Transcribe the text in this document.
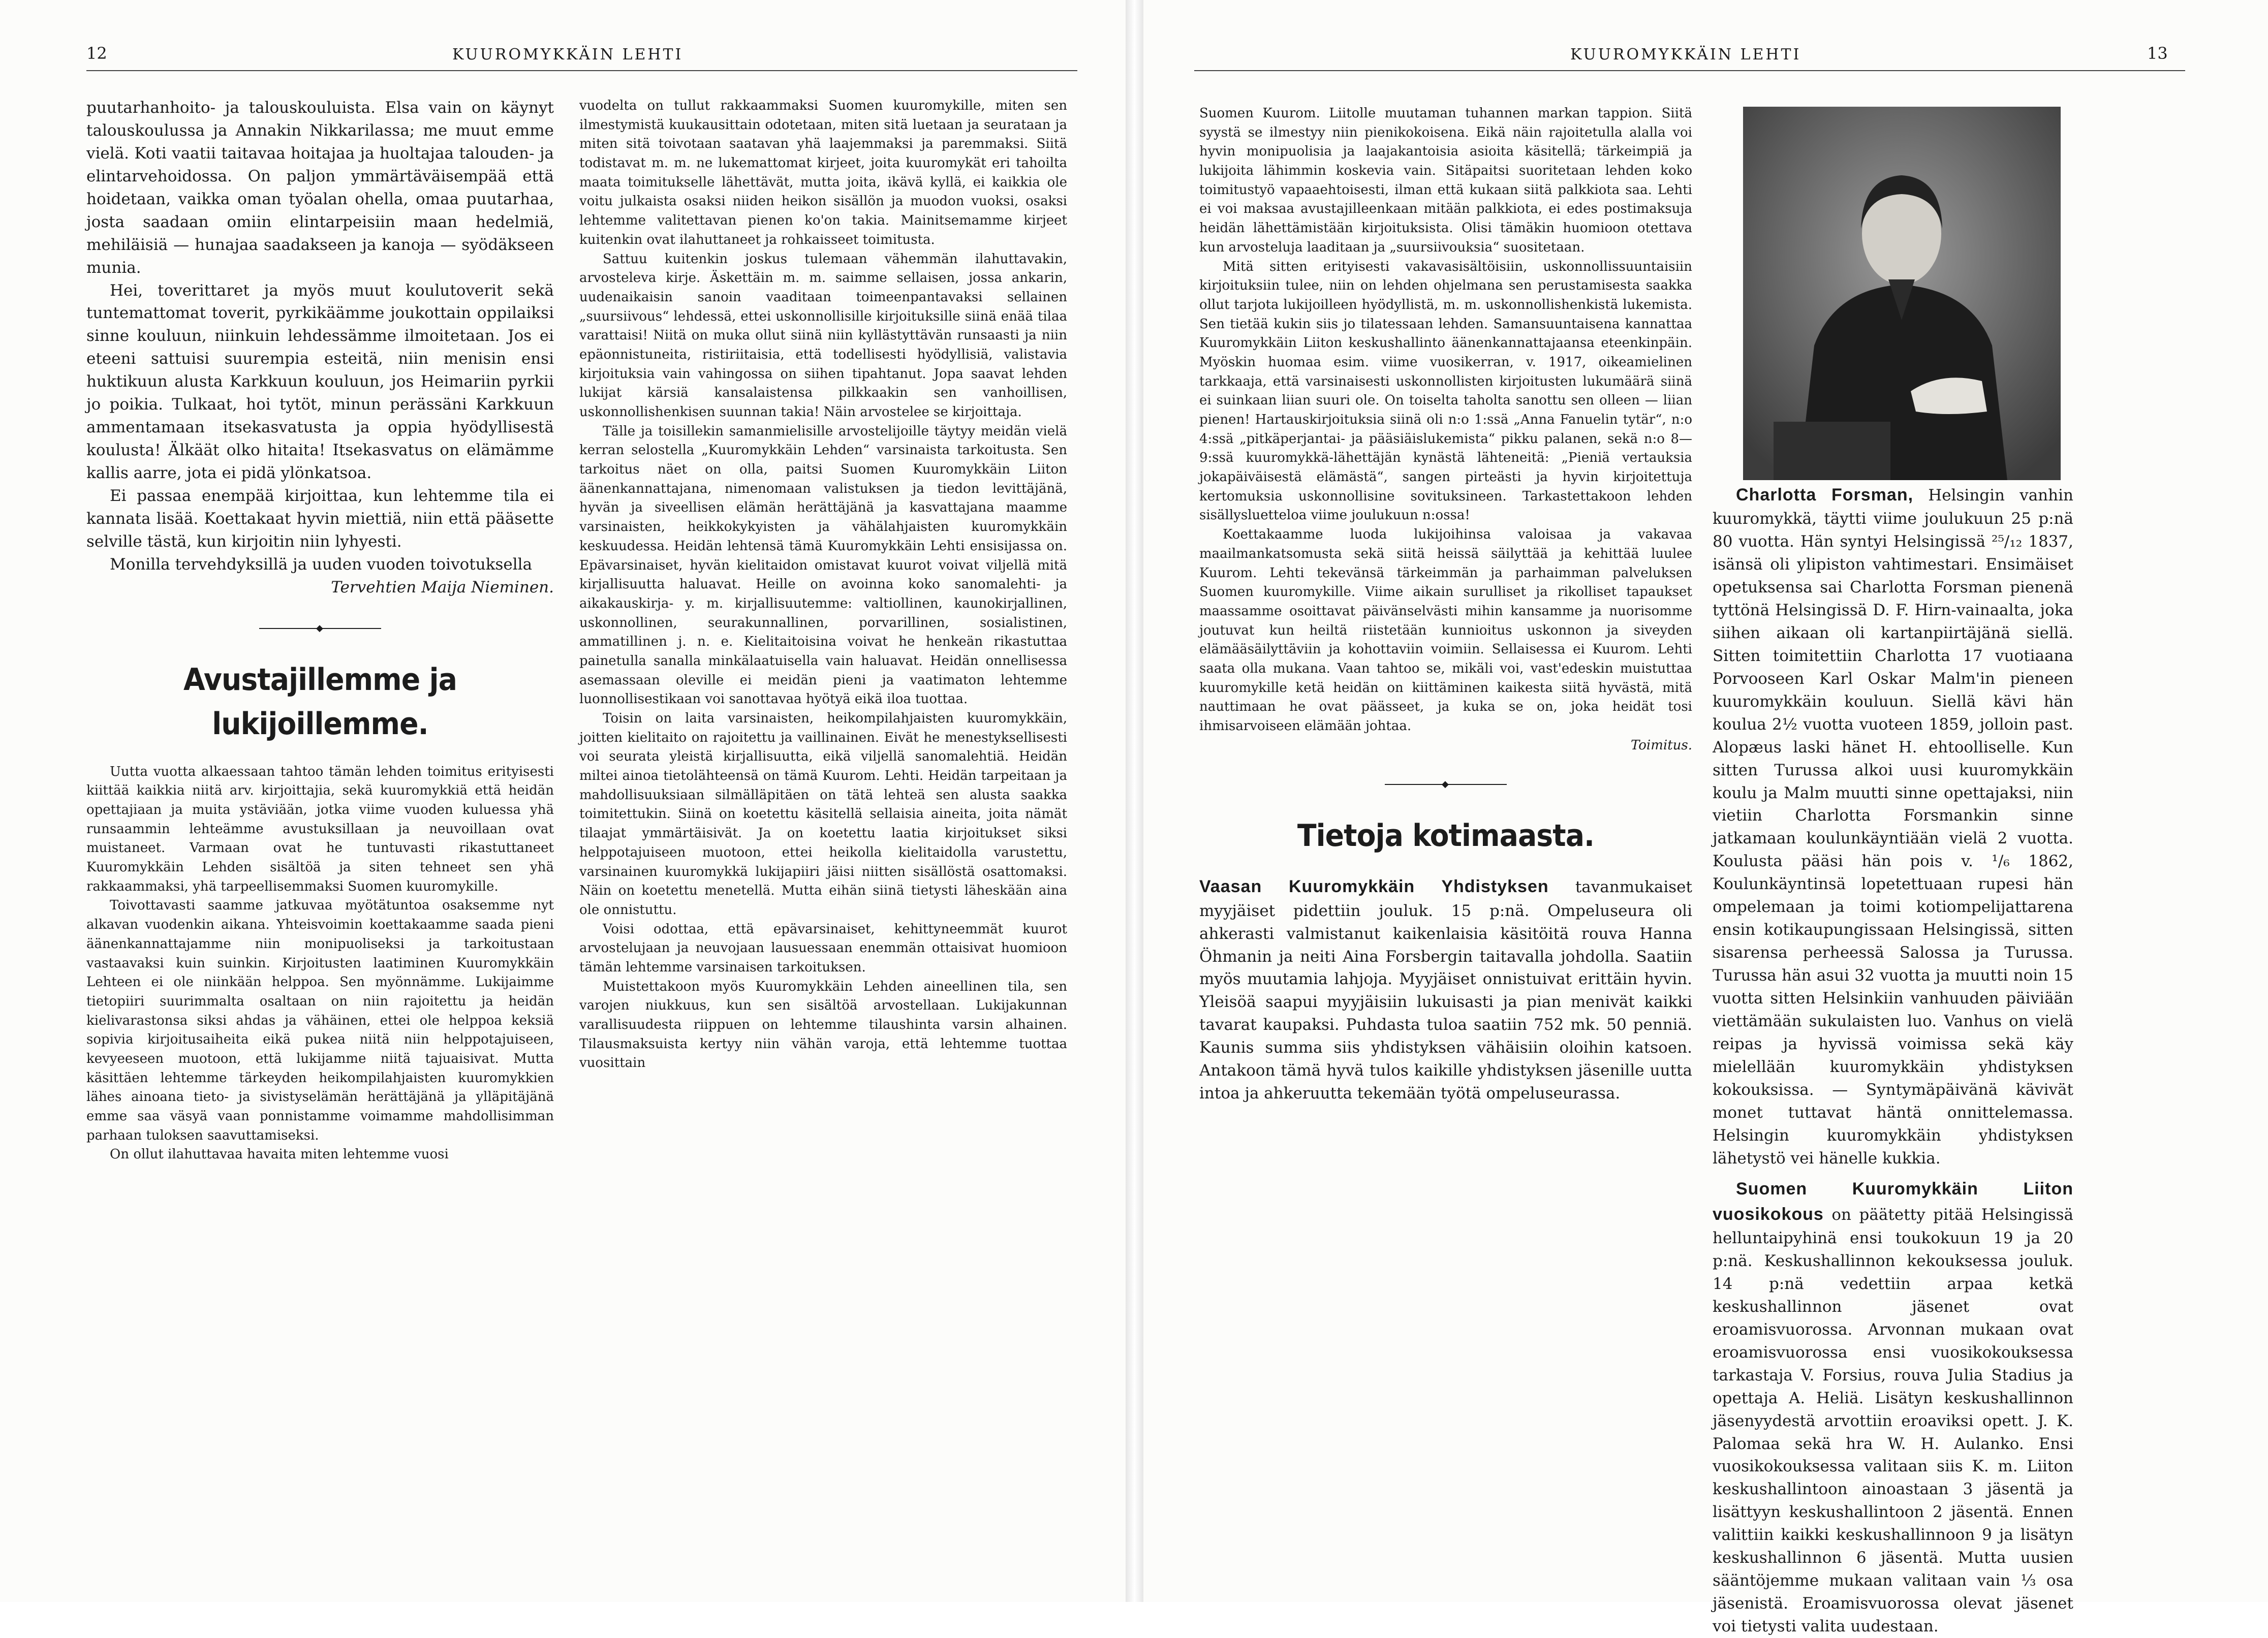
12	KUUROMYKKÄIN LEHTI

puutarhanhoito- ja talouskouluista. Elsa vain on käynyt talouskoulussa ja Annakin Nikkarilassa; me muut emme vielä. Koti vaatii taitavaa hoitajaa ja huoltajaa talouden- ja elintarvehoidossa. On paljon ymmärtäväisempää että hoidetaan, vaikka oman työalan ohella, omaa puutarhaa, josta saadaan omiin elintarpeisiin maan hedelmiä, mehiläisiä — hunajaa saadakseen ja kanoja — syödäkseen munia.

Hei, toverittaret ja myös muut koulutoverit sekä tuntemattomat toverit, pyrkikäämme joukottain oppilaiksi sinne kouluun, niinkuin lehdessämme ilmoitetaan. Jos ei eteeni sattuisi suurempia esteitä, niin menisin ensi huktikuun alusta Karkkuun kouluun, jos Heimariin pyrkii jo poikia. Tulkaat, hoi tytöt, minun perässäni Karkkuun ammentamaan itsekasvatusta ja oppia hyödyllisestä koulusta! Älkäät olko hitaita! Itsekasvatus on elämämme kallis aarre, jota ei pidä ylönkatsoa.

Ei passaa enempää kirjoittaa, kun lehtemme tila ei kannata lisää. Koettakaat hyvin miettiä, niin että pääsette selville tästä, kun kirjoitin niin lyhyesti.

Monilla tervehdyksillä ja uuden vuoden toivotuksella

Tervehtien Maija Nieminen.

◆
Avustajillemme ja lukijoillemme.

Uutta vuotta alkaessaan tahtoo tämän lehden toimitus erityisesti kiittää kaikkia niitä arv. kirjoittajia, sekä kuuromykkiä että heidän opettajiaan ja muita ystäviään, jotka viime vuoden kuluessa yhä runsaammin lehteämme avustuksillaan ja neuvoillaan ovat muistaneet. Varmaan ovat he tuntuvasti rikastuttaneet Kuuromykkäin Lehden sisältöä ja siten tehneet sen yhä rakkaammaksi, yhä tarpeellisemmaksi Suomen kuuromykille.

Toivottavasti saamme jatkuvaa myötätuntoa osaksemme nyt alkavan vuodenkin aikana. Yhteisvoimin koettakaamme saada pieni äänenkannattajamme niin monipuoliseksi ja tarkoitustaan vastaavaksi kuin suinkin. Kirjoitusten laatiminen Kuuromykkäin Lehteen ei ole niinkään helppoa. Sen myönnämme. Lukijaimme tietopiiri suurimmalta osaltaan on niin rajoitettu ja heidän kielivarastonsa siksi ahdas ja vähäinen, ettei ole helppoa keksiä sopivia kirjoitusaiheita eikä pukea niitä niin helppotajuiseen, kevyeeseen muotoon, että lukijamme niitä tajuaisivat. Mutta käsittäen lehtemme tärkeyden heikompilahjaisten kuuromykkien lähes ainoana tieto- ja sivistyselämän herättäjänä ja ylläpitäjänä emme saa väsyä vaan ponnistamme voimamme mahdollisimman parhaan tuloksen saavuttamiseksi.

On ollut ilahuttavaa havaita miten lehtemme vuosi

vuodelta on tullut rakkaammaksi Suomen kuuromykille, miten sen ilmestymistä kuukausittain odotetaan, miten sitä luetaan ja seurataan ja miten sitä toivotaan saatavan yhä laajemmaksi ja paremmaksi. Siitä todistavat m. m. ne lukemattomat kirjeet, joita kuuromykät eri tahoilta maata toimitukselle lähettävät, mutta joita, ikävä kyllä, ei kaikkia ole voitu julkaista osaksi niiden heikon sisällön ja muodon vuoksi, osaksi lehtemme valitettavan pienen ko'on takia. Mainitsemamme kirjeet kuitenkin ovat ilahuttaneet ja rohkaisseet toimitusta.

Sattuu kuitenkin joskus tulemaan vähemmän ilahuttavakin, arvosteleva kirje. Äskettäin m. m. saimme sellaisen, jossa ankarin, uudenaikaisin sanoin vaaditaan toimeenpantavaksi sellainen „suursiivous“ lehdessä, ettei uskonnollisille kirjoituksille siinä enää tilaa varattaisi! Niitä on muka ollut siinä niin kyllästyttävän runsaasti ja niin epäonnistuneita, ristiriitaisia, että todellisesti hyödyllisiä, valistavia kirjoituksia vain vahingossa on siihen tipahtanut. Jopa saavat lehden lukijat kärsiä kansalaistensa pilkkaakin sen vanhoillisen, uskonnollishenkisen suunnan takia! Näin arvostelee se kirjoittaja.

Tälle ja toisillekin samanmielisille arvostelijoille täytyy meidän vielä kerran selostella „Kuuromykkäin Lehden“ varsinaista tarkoitusta. Sen tarkoitus näet on olla, paitsi Suomen Kuuromykkäin Liiton äänenkannattajana, nimenomaan valistuksen ja tiedon levittäjänä, hyvän ja siveellisen elämän herättäjänä ja kasvattajana maamme varsinaisten, heikkokykyisten ja vähälahjaisten kuuromykkäin keskuudessa. Heidän lehtensä tämä Kuuromykkäin Lehti ensisijassa on. Epävarsinaiset, hyvän kielitaidon omistavat kuurot voivat viljellä mitä kirjallisuutta haluavat. Heille on avoinna koko sanomalehti- ja aikakauskirja- y. m. kirjallisuutemme: valtiollinen, kaunokirjallinen, uskonnollinen, seurakunnallinen, porvarillinen, sosialistinen, ammatillinen j. n. e. Kielitaitoisina voivat he henkeän rikastuttaa painetulla sanalla minkälaatuisella vain haluavat. Heidän onnellisessa asemassaan oleville ei meidän pieni ja vaatimaton lehtemme luonnollisestikaan voi sanottavaa hyötyä eikä iloa tuottaa.

Toisin on laita varsinaisten, heikompilahjaisten kuuromykkäin, joitten kielitaito on rajoitettu ja vaillinainen. Eivät he menestyksellisesti voi seurata yleistä kirjallisuutta, eikä viljellä sanomalehtiä. Heidän miltei ainoa tietolähteensä on tämä Kuurom. Lehti. Heidän tarpeitaan ja mahdollisuuksiaan silmälläpitäen on tätä lehteä sen alusta saakka toimitettukin. Siinä on koetettu käsitellä sellaisia aineita, joita nämät tilaajat ymmärtäisivät. Ja on koetettu laatia kirjoitukset siksi helppotajuiseen muotoon, ettei heikolla kielitaidolla varustettu, varsinainen kuuromykkä lukijapiiri jäisi niitten sisällöstä osattomaksi. Näin on koetettu menetellä. Mutta eihän siinä tietysti läheskään aina ole onnistuttu.

Voisi odottaa, että epävarsinaiset, kehittyneemmät kuurot arvostelujaan ja neuvojaan lausuessaan enemmän ottaisivat huomioon tämän lehtemme varsinaisen tarkoituksen.

Muistettakoon myös Kuuromykkäin Lehden aineellinen tila, sen varojen niukkuus, kun sen sisältöä arvostellaan. Lukijakunnan varallisuudesta riippuen on lehtemme tilaushinta varsin alhainen. Tilausmaksuista kertyy niin vähän varoja, että lehtemme tuottaa vuosittain

KUUROMYKKÄIN LEHTI	13

Suomen Kuurom. Liitolle muutaman tuhannen markan tappion. Siitä syystä se ilmestyy niin pienikokoisena. Eikä näin rajoitetulla alalla voi hyvin monipuolisia ja laajakantoisia asioita käsitellä; tärkeimpiä ja lukijoita lähimmin koskevia vain. Sitäpaitsi suoritetaan lehden koko toimitustyö vapaaehtoisesti, ilman että kukaan siitä palkkiota saa. Lehti ei voi maksaa avustajilleenkaan mitään palkkiota, ei edes postimaksuja heidän lähettämistään kirjoituksista. Olisi tämäkin huomioon otettava kun arvosteluja laaditaan ja „suursiivouksia“ suositetaan.

Mitä sitten erityisesti vakavasisältöisiin, uskonnollissuuntaisiin kirjoituksiin tulee, niin on lehden ohjelmana sen perustamisesta saakka ollut tarjota lukijoilleen hyödyllistä, m. m. uskonnollishenkistä lukemista. Sen tietää kukin siis jo tilatessaan lehden. Samansuuntaisena kannattaa Kuuromykkäin Liiton keskushallinto äänenkannattajaansa eteenkinpäin. Myöskin huomaa esim. viime vuosikerran, v. 1917, oikeamielinen tarkkaaja, että varsinaisesti uskonnollisten kirjoitusten lukumäärä siinä ei suinkaan liian suuri ole. On toiselta taholta sanottu sen olleen — liian pienen! Hartauskirjoituksia siinä oli n:o 1:ssä „Anna Fanuelin tytär“, n:o 4:ssä „pitkäperjantai- ja pääsiäislukemista“ pikku palanen, sekä n:o 8—9:ssä kuuromykkä-lähettäjän kynästä lähteneitä: „Pieniä vertauksia jokapäiväisestä elämästä“, sangen pirteästi ja hyvin kirjoitettuja kertomuksia uskonnollisine sovituksineen. Tarkastettakoon lehden sisällysluetteloa viime joulukuun n:ossa!

Koettakaamme luoda lukijoihinsa valoisaa ja vakavaa maailmankatsomusta sekä siitä heissä säilyttää ja kehittää luulee Kuurom. Lehti tekevänsä tärkeimmän ja parhaimman palveluksen Suomen kuuromykille. Viime aikain surulliset ja rikolliset tapaukset maassamme osoittavat päivänselvästi mihin kansamme ja nuorisomme joutuvat kun heiltä riistetään kunnioitus uskonnon ja siveyden elämääsäilyttäviin ja kohottaviin voimiin. Sellaisessa ei Kuurom. Lehti saata olla mukana. Vaan tahtoo se, mikäli voi, vast'edeskin muistuttaa kuuromykille ketä heidän on kiittäminen kaikesta siitä hyvästä, mitä nauttimaan he ovat päässeet, ja kuka se on, joka heidät tosi ihmisarvoiseen elämään johtaa.

Toimitus.

◆
Tietoja kotimaasta.

Vaasan Kuuromykkäin Yhdistyksen tavanmukaiset myyjäiset pidettiin jouluk. 15 p:nä. Ompeluseura oli ahkerasti valmistanut kaikenlaisia käsitöitä rouva Hanna Öhmanin ja neiti Aina Forsbergin taitavalla johdolla. Saatiin myös muutamia lahjoja. Myyjäiset onnistuivat erittäin hyvin. Yleisöä saapui myyjäisiin lukuisasti ja pian menivät kaikki tavarat kaupaksi. Puhdasta tuloa saatiin 752 mk. 50 penniä. Kaunis summa siis yhdistyksen vähäisiin oloihin katsoen. Antakoon tämä hyvä tulos kaikille yhdistyksen jäsenille uutta intoa ja ahkeruutta tekemään työtä ompeluseurassa.

Charlotta Forsman, Helsingin vanhin kuuromykkä, täytti viime joulukuun 25 p:nä 80 vuotta. Hän syntyi Helsingissä ²⁵/₁₂ 1837, isänsä oli ylipiston vahtimestari. Ensimäiset opetuksensa sai Charlotta Forsman pienenä tyttönä Helsingissä D. F. Hirn-vainaalta, joka siihen aikaan oli kartanpiirtäjänä siellä. Sitten toimitettiin Charlotta 17 vuotiaana Porvooseen Karl Oskar Malm'in pieneen kuuromykkäin kouluun. Siellä kävi hän koulua 2½ vuotta vuoteen 1859, jolloin past. Alopæus laski hänet H. ehtoolliselle. Kun sitten Turussa alkoi uusi kuuromykkäin koulu ja Malm muutti sinne opettajaksi, niin vietiin Charlotta Forsmankin sinne jatkamaan koulunkäyntiään vielä 2 vuotta. Koulusta pääsi hän pois v. ¹/₆ 1862, Koulunkäyntinsä lopetettuaan rupesi hän ompelemaan ja toimi kotiompelijattarena ensin kotikaupungissaan Helsingissä, sitten sisarensa perheessä Salossa ja Turussa. Turussa hän asui 32 vuotta ja muutti noin 15 vuotta sitten Helsinkiin vanhuuden päiviään viettämään sukulaisten luo. Vanhus on vielä reipas ja hyvissä voimissa sekä käy mielellään kuuromykkäin yhdistyksen kokouksissa. — Syntymäpäivänä kävivät monet tuttavat häntä onnittelemassa. Helsingin kuuromykkäin yhdistyksen lähetystö vei hänelle kukkia.

Suomen Kuuromykkäin Liiton vuosikokous on päätetty pitää Helsingissä helluntaipyhinä ensi toukokuun 19 ja 20 p:nä. Keskushallinnon kekouksessa jouluk. 14 p:nä vedettiin arpaa ketkä keskushallinnon jäsenet ovat eroamisvuorossa. Arvonnan mukaan ovat eroamisvuorossa ensi vuosikokouksessa tarkastaja V. Forsius, rouva Julia Stadius ja opettaja A. Heliä. Lisätyn keskushallinnon jäsenyydestä arvottiin eroaviksi opett. J. K. Palomaa sekä hra W. H. Aulanko. Ensi vuosikokouksessa valitaan siis K. m. Liiton keskushallintoon ainoastaan 3 jäsentä ja lisättyyn keskushallintoon 2 jäsentä. Ennen valittiin kaikki keskushallinnoon 9 ja lisätyn keskushallinnon 6 jäsentä. Mutta uusien sääntöjemme mukaan valitaan vain ⅓ osa jäsenistä. Eroamisvuorossa olevat jäsenet voi tietysti valita uudestaan.
